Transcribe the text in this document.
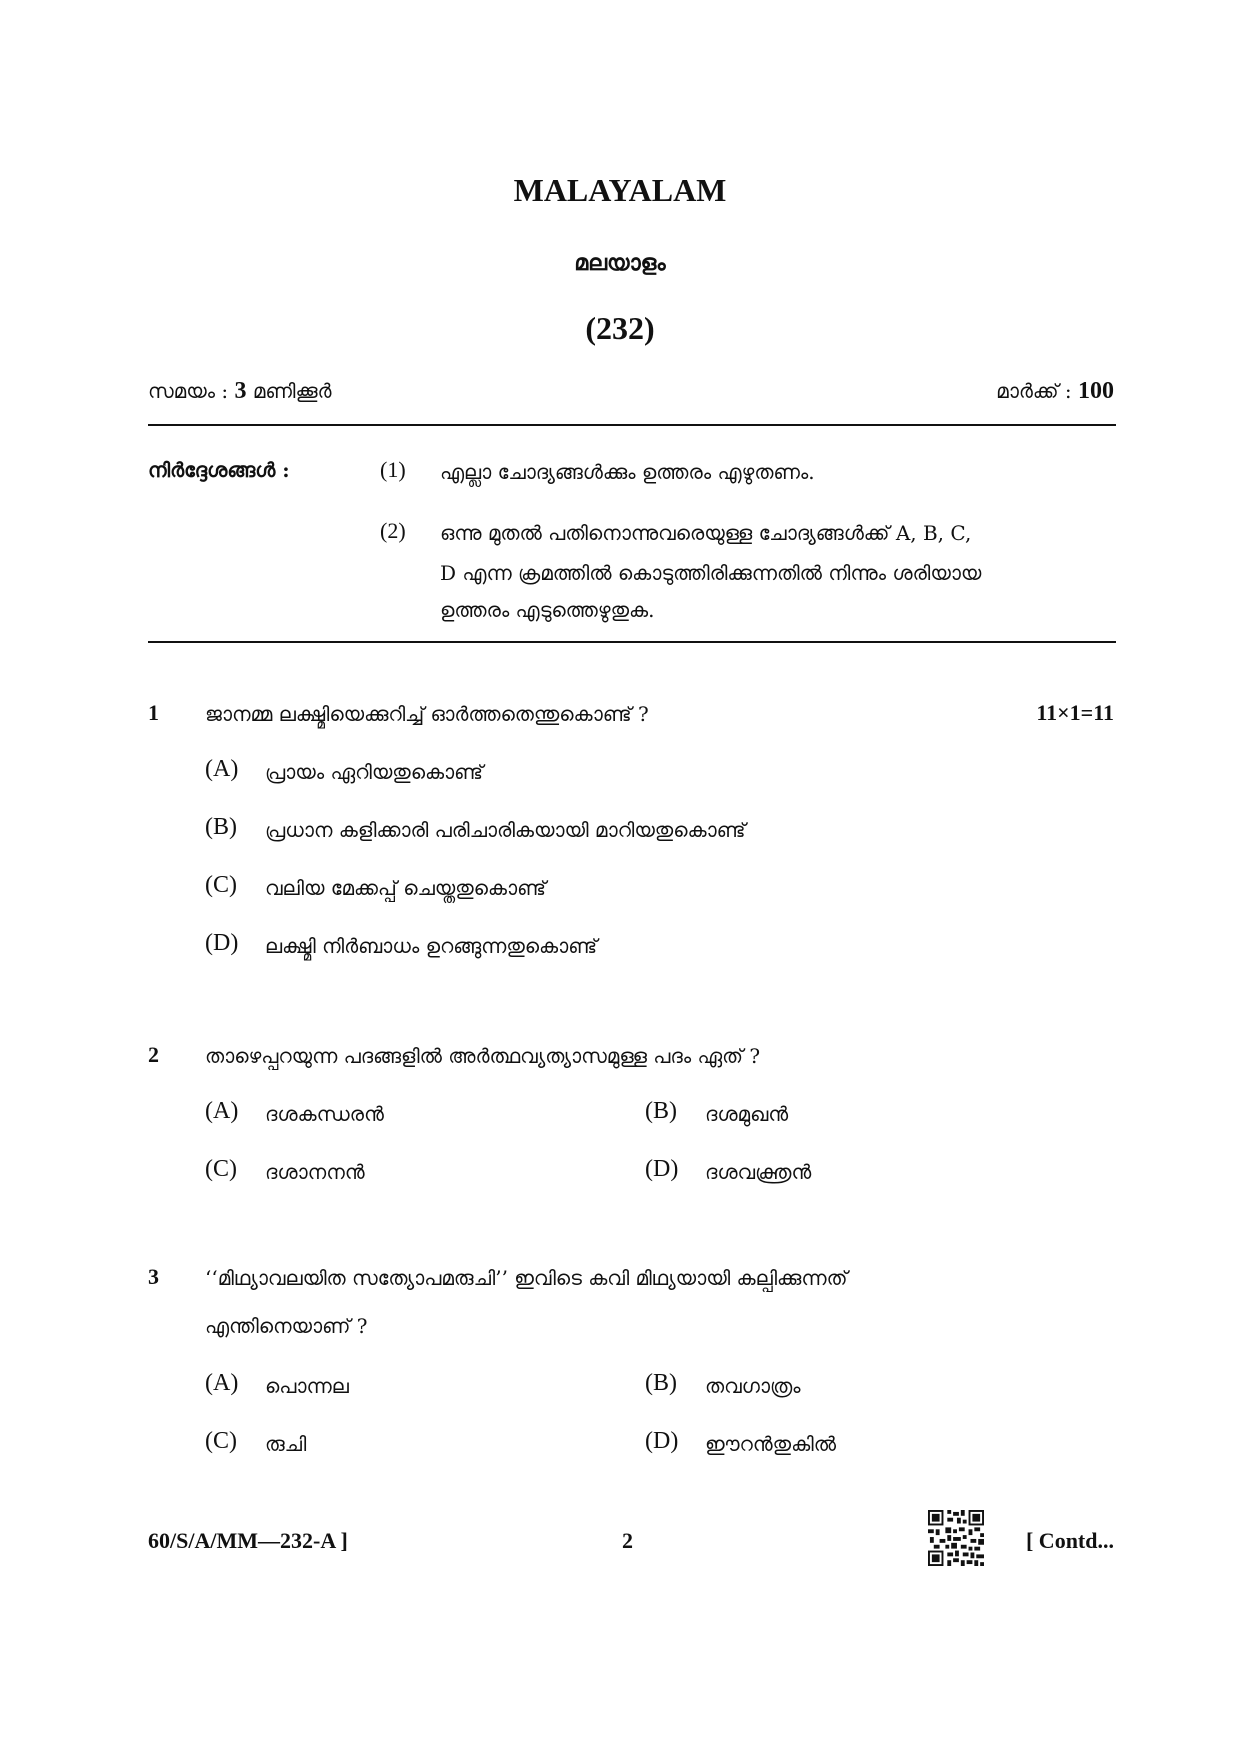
MALAYALAM
മലയാളം
(232)
സമയം : 3 മണിക്കൂർ	മാർക്ക് : 100
നിർദ്ദേശങ്ങൾ :	(1) എല്ലാ ചോദ്യങ്ങൾക്കും ഉത്തരം എഴുതണം.
(2) ഒന്നു മുതൽ പതിനൊന്നുവരെയുള്ള ചോദ്യങ്ങൾക്ക് A, B, C,
D എന്ന ക്രമത്തിൽ കൊടുത്തിരിക്കുന്നതിൽ നിന്നും ശരിയായ
ഉത്തരം എടുത്തെഴുതുക.
1 ജാനമ്മ ലക്ഷ്മിയെക്കുറിച്ച് ഓർത്തതെന്തുകൊണ്ട് ?	11×1=11
(A) പ്രായം ഏറിയതുകൊണ്ട്
(B) പ്രധാന കളിക്കാരി പരിചാരികയായി മാറിയതുകൊണ്ട്
(C) വലിയ മേക്കപ്പ് ചെയ്തതുകൊണ്ട്
(D) ലക്ഷ്മി നിർബാധം ഉറങ്ങുന്നതുകൊണ്ട്
2 താഴെപ്പറയുന്ന പദങ്ങളിൽ അർത്ഥവ്യത്യാസമുള്ള പദം ഏത് ?
(A) ദശകന്ധരൻ	(B) ദശമുഖൻ
(C) ദശാനനൻ	(D) ദശവക്ത്രൻ
3 ‘‘മിഥ്യാവലയിത സത്യോപമരുചി’’ ഇവിടെ കവി മിഥ്യയായി കല്പിക്കുന്നത്
എന്തിനെയാണ് ?
(A) പൊന്നല	(B) തവഗാത്രം
(C) രുചി	(D) ഈറൻതുകിൽ
60/S/A/MM—232-A ]	2	[ Contd...
